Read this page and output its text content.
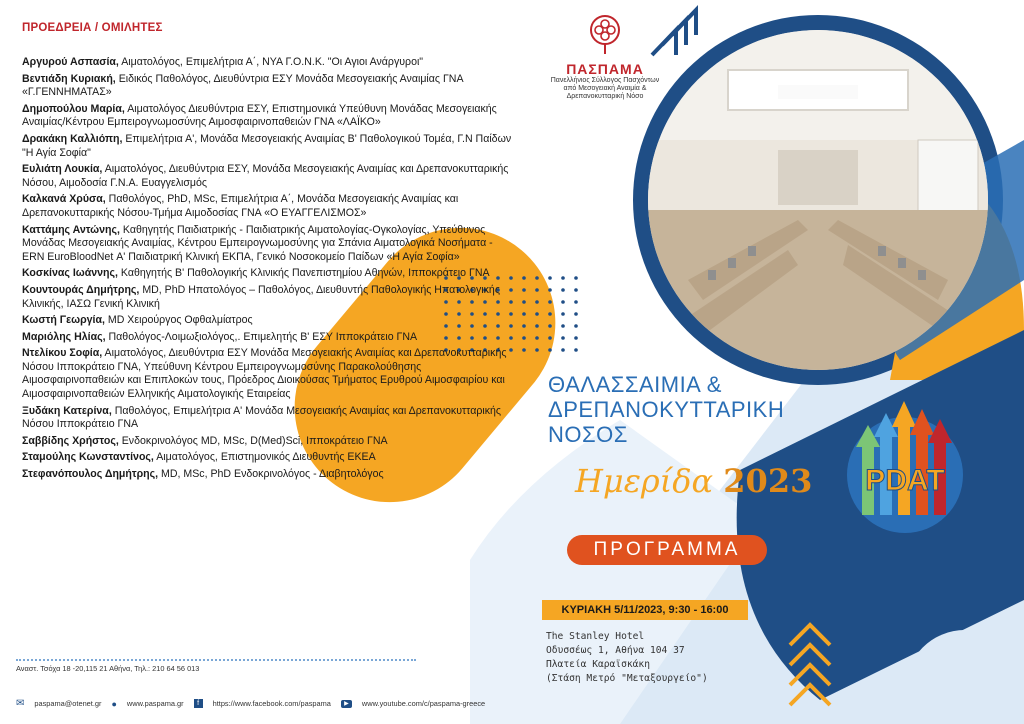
ΠΑΣΠΑΜΑ
Πανελλήνιος Σύλλογος Πασχόντων
από Μεσογειακή Αναιμία &
Δρεπανοκυτταρική Νόσο
ΠΡΟΕΔΡΕΙΑ / ΟΜΙΛΗΤΕΣ
Αργυρού Ασπασία, Αιματολόγος, Επιμελήτρια Α΄, ΝΥΑ Γ.Ο.Ν.Κ. "Οι Αγιοι Ανάργυροι"
Βεντιάδη Κυριακή, Ειδικός Παθολόγος, Διευθύντρια ΕΣΥ Μονάδα Μεσογειακής Αναιμίας ΓΝΑ «Γ.ΓΕΝΝΗΜΑΤΑΣ»
Δημοπούλου Μαρία, Αιματολόγος Διευθύντρια ΕΣΥ, Επιστημονικά Υπεύθυνη Μονάδας Μεσογειακής Αναιμίας/Κέντρου Εμπειρογνωμοσύνης Αιμοσφαιρινοπαθειών ΓΝΑ «ΛΑΪΚΟ»
Δρακάκη Καλλιόπη, Επιμελήτρια Α', Μονάδα Μεσογειακής Αναιμίας Β' Παθολογικού Τομέα, Γ.Ν Παίδων "Η Αγία Σοφία"
Ευλιάτη Λουκία, Αιματολόγος, Διευθύντρια ΕΣΥ, Μονάδα Μεσογειακής Αναιμίας και Δρεπανοκυτταρικής Νόσου, Αιμοδοσία Γ.Ν.Α. Ευαγγελισμός
Καλκανά Χρύσα, Παθολόγος, PhD, MSc, Επιμελήτρια Α΄, Μονάδα Μεσογειακής Αναιμίας και Δρεπανοκυτταρικής Νόσου-Τμήμα Αιμοδοσίας ΓΝΑ «Ο ΕΥΑΓΓΕΛΙΣΜΟΣ»
Καττάμης Αντώνης, Καθηγητής Παιδιατρικής - Παιδιατρικής Αιματολογίας-Ογκολογίας, Υπεύθυνος Μονάδας Μεσογειακής Αναιμίας, Κέντρου Εμπειρογνωμοσύνης για Σπάνια Αιματολογικά Νοσήματα -ERN EuroBloodNet Α' Παιδιατρική Κλινική ΕΚΠΑ, Γενικό Νοσοκομείο Παίδων «Η Αγία Σοφία»
Κοσκίνας Ιωάννης, Καθηγητής Β' Παθολογικής Κλινικής Πανεπιστημίου Αθηνών, Ιπποκράτειο ΓΝΑ
Κουντουράς Δημήτρης, MD, PhD Ηπατολόγος – Παθολόγος, Διευθυντής Παθολογικής Ηπατολογικής Κλινικής, ΙΑΣΩ Γενική Κλινική
Κωστή Γεωργία, MD Χειρούργος Οφθαλμίατρος
Μαριόλης Ηλίας, Παθολόγος-Λοιμωξιολόγος,. Επιμελητής Β' ΕΣΥ Ιπποκράτειο ΓΝΑ
Ντελίκου Σοφία, Αιματολόγος, Διευθύντρια ΕΣΥ Μονάδα Μεσογειακής Αναιμίας και Δρεπανοκυτταρικής Νόσου Ιπποκράτειο ΓΝΑ, Υπεύθυνη Κέντρου Εμπειρογνωμοσύνης Παρακολούθησης Αιμοσφαιρινοπαθειών και Επιπλοκών τους, Πρόεδρος Διοικούσας Τμήματος Ερυθρού Αιμοσφαιρίου και Αιμοσφαιρινοπαθειών Ελληνικής Αιματολογικής Εταιρείας
Ξυδάκη Κατερίνα, Παθολόγος, Επιμελήτρια Α' Μονάδα Μεσογειακής Αναιμίας και Δρεπανοκυτταρικής Νόσου Ιπποκράτειο ΓΝΑ
Σαββίδης Χρήστος, Ενδοκρινολόγος MD, MSc, D(Med)Sci, Ιπποκράτειο ΓΝΑ
Σταμούλης Κωνσταντίνος, Αιματολόγος, Επιστημονικός Διευθυντής ΕΚΕΑ
Στεφανόπουλος Δημήτρης, MD, MSc, PhD Ενδοκρινολόγος - Διαβητολόγος
Αναστ. Τσόχα 18 -20,115 21 Αθήνα, Τηλ.: 210 64 56 013
✉ paspama@otenet.gr ● www.paspama.gr	f	https://www.facebook.com/paspama	▶	www.youtube.com/c/paspama-greece
ΘΑΛΑΣΣΑΙΜΙΑ &
ΔΡΕΠΑΝΟΚΥΤΤΑΡΙΚΗ
ΝΟΣΟΣ
Ημερίδα 2023
ΠΡΟΓΡΑΜΜΑ
ΚΥΡΙΑΚΗ 5/11/2023, 9:30 - 16:00
The Stanley Hotel
Οδυσσέως 1, Αθήνα 104 37
Πλατεία Καραϊσκάκη
(Στάση Μετρό "Μεταξουργείο")
PDAT
